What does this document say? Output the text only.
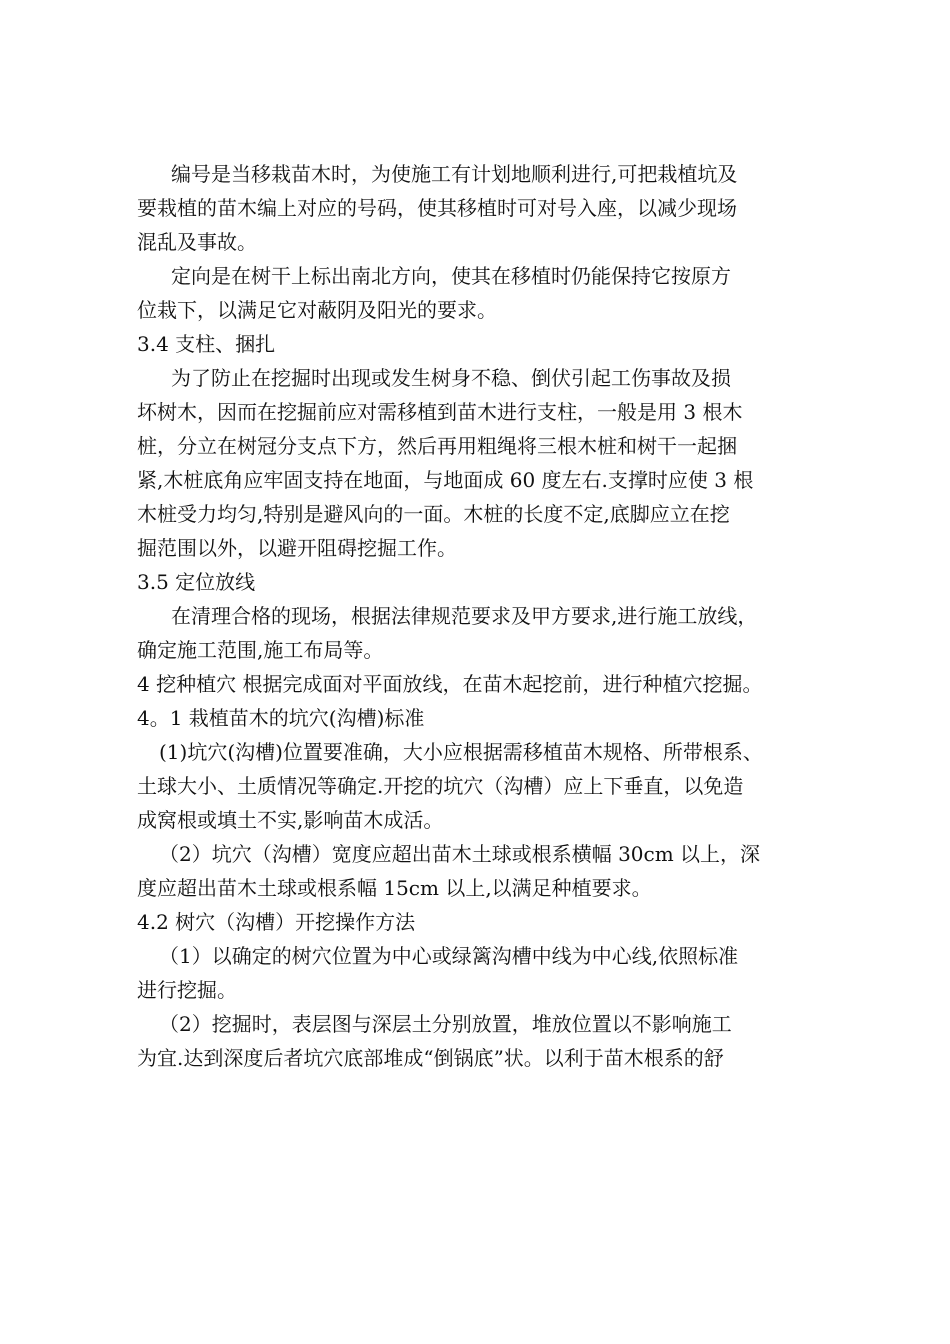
编号是当移栽苗木时，为使施工有计划地顺利进行,可把栽植坑及
要栽植的苗木编上对应的号码，使其移植时可对号入座，以减少现场
混乱及事故。
定向是在树干上标出南北方向，使其在移植时仍能保持它按原方
位栽下，以满足它对蔽阴及阳光的要求。
3.4 支柱、捆扎
为了防止在挖掘时出现或发生树身不稳、倒伏引起工伤事故及损
坏树木，因而在挖掘前应对需移植到苗木进行支柱，一般是用 3 根木
桩，分立在树冠分支点下方，然后再用粗绳将三根木桩和树干一起捆
紧,木桩底角应牢固支持在地面，与地面成 60 度左右.支撑时应使 3 根
木桩受力均匀,特别是避风向的一面。木桩的长度不定,底脚应立在挖
掘范围以外，以避开阻碍挖掘工作。
3.5 定位放线
在清理合格的现场，根据法律规范要求及甲方要求,进行施工放线，
确定施工范围,施工布局等。
4 挖种植穴 根据完成面对平面放线，在苗木起挖前，进行种植穴挖掘。
4。1 栽植苗木的坑穴(沟槽)标准
(1)坑穴(沟槽)位置要准确，大小应根据需移植苗木规格、所带根系、
土球大小、土质情况等确定.开挖的坑穴（沟槽）应上下垂直，以免造
成窝根或填土不实,影响苗木成活。
（2）坑穴（沟槽）宽度应超出苗木土球或根系横幅 30cm 以上，深
度应超出苗木土球或根系幅 15cm 以上,以满足种植要求。
4.2 树穴（沟槽）开挖操作方法
（1）以确定的树穴位置为中心或绿篱沟槽中线为中心线,依照标准
进行挖掘。
（2）挖掘时，表层图与深层土分别放置，堆放位置以不影响施工
为宜.达到深度后者坑穴底部堆成“倒锅底”状。以利于苗木根系的舒
